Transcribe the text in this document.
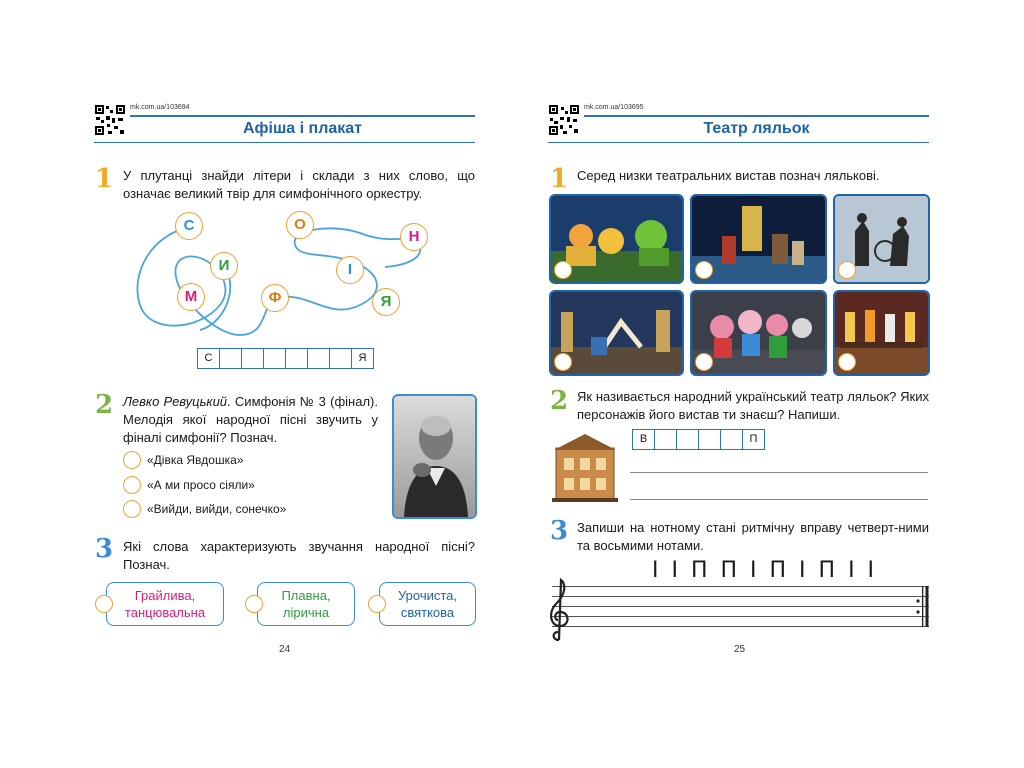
mk.com.ua/103694
Афіша і плакат
1 У плутанці знайди літери і склади з них слово, що означає великий твір для симфонічного оркестру.
С
И
М	Ф
О
Н
І
Я
С	Я
2 Левко Ревуцький. Симфонія № 3 (фінал). Мелодія якої народної пісні звучить у фіналі симфонії? Познач.
«Дівка Явдошка»
«А ми просо сіяли»
«Вийди, вийди, сонечко»
3 Які слова характеризують звучання народної пісні? Познач.
Грайлива,
танцювальна
Плавна,
лірична
Урочиста,
святкова
24
mk.com.ua/103695
Театр ляльок
1 Серед низки театральних вистав познач лялькові.
2 Як називається народний український театр ляльок? Яких персонажів його вистав ти знаєш? Напиши.
В	П
3 Запиши на нотному стані ритмічну вправу четверт-ними та восьмими нотами.
I I П П I П I П I I
25
